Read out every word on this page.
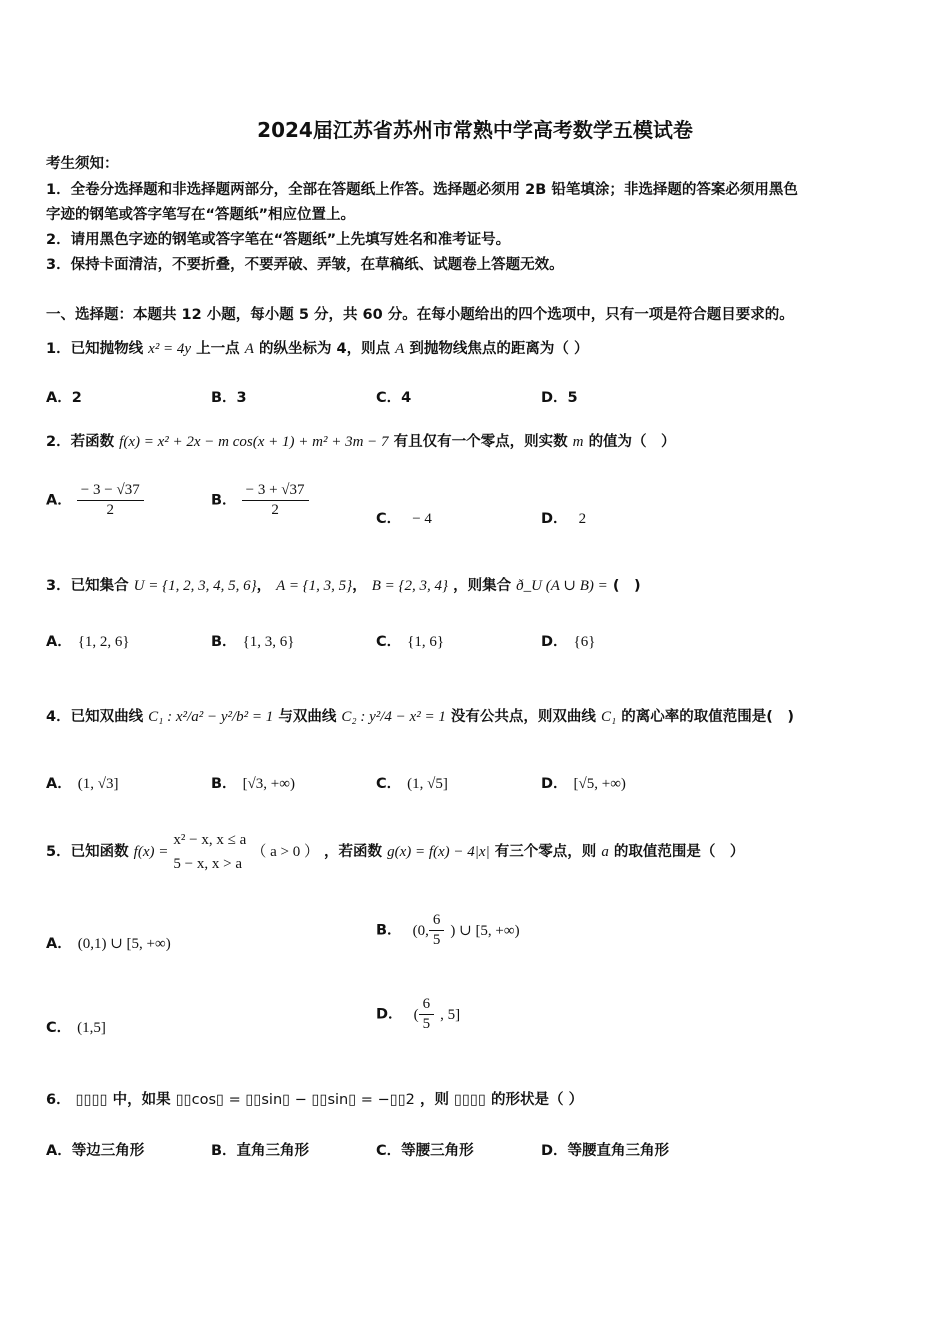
2024届江苏省苏州市常熟中学高考数学五模试卷
考生须知：
1．全卷分选择题和非选择题两部分，全部在答题纸上作答。选择题必须用 2B 铅笔填涂；非选择题的答案必须用黑色
字迹的钢笔或答字笔写在“答题纸”相应位置上。
2．请用黑色字迹的钢笔或答字笔在“答题纸”上先填写姓名和准考证号。
3．保持卡面清洁，不要折叠，不要弄破、弄皱，在草稿纸、试题卷上答题无效。
一、选择题：本题共 12 小题，每小题 5 分，共 60 分。在每小题给出的四个选项中，只有一项是符合题目要求的。
1．已知抛物线 x² = 4y 上一点 A 的纵坐标为 4，则点 A 到抛物线焦点的距离为（ ）
A．2	B．3	C．4	D．5
2．若函数 f(x) = x² + 2x − m cos(x + 1) + m² + 3m − 7 有且仅有一个零点，则实数 m 的值为（　）
A． $\frac{- 3 - √37}{2}$	B． $\frac{- 3 + √37}{2}$	C． − 4	D． 2
3．已知集合 U = {1, 2, 3, 4, 5, 6}， A = {1, 3, 5}， B = {2, 3, 4} ，则集合 ð_U (A ∪ B) = (　)
A． {1, 2, 6}	B． {1, 3, 6}	C． {1, 6}	D． {6}
4．已知双曲线 C₁ : x²/a² − y²/b² = 1 与双曲线 C₂ : y²/4 − x² = 1 没有公共点，则双曲线 C₁ 的离心率的取值范围是(　)
A． (1, √3]	B． [√3, +∞)	C． (1, √5]	D． [√5, +∞)
5．已知函数 f(x) =
x² − x, x ≤ a
5 − x, x > a
（ a > 0 ） ，若函数 g(x) = f(x) − 4|x| 有三个零点，则 a 的取值范围是（　）
A． (0,1) ∪ [5, +∞)
B． (0, $\frac{6}{5}$ ) ∪ [5, +∞)
C． (1,5]
D． ( $\frac{6}{5}$ , 5]
6． ▯▯▯▯ 中，如果 ▯▯cos▯ = ▯▯sin▯ − ▯▯sin▯ = −▯▯2 ，则 ▯▯▯▯ 的形状是（ ）
A．等边三角形	B．直角三角形	C．等腰三角形	D．等腰直角三角形
